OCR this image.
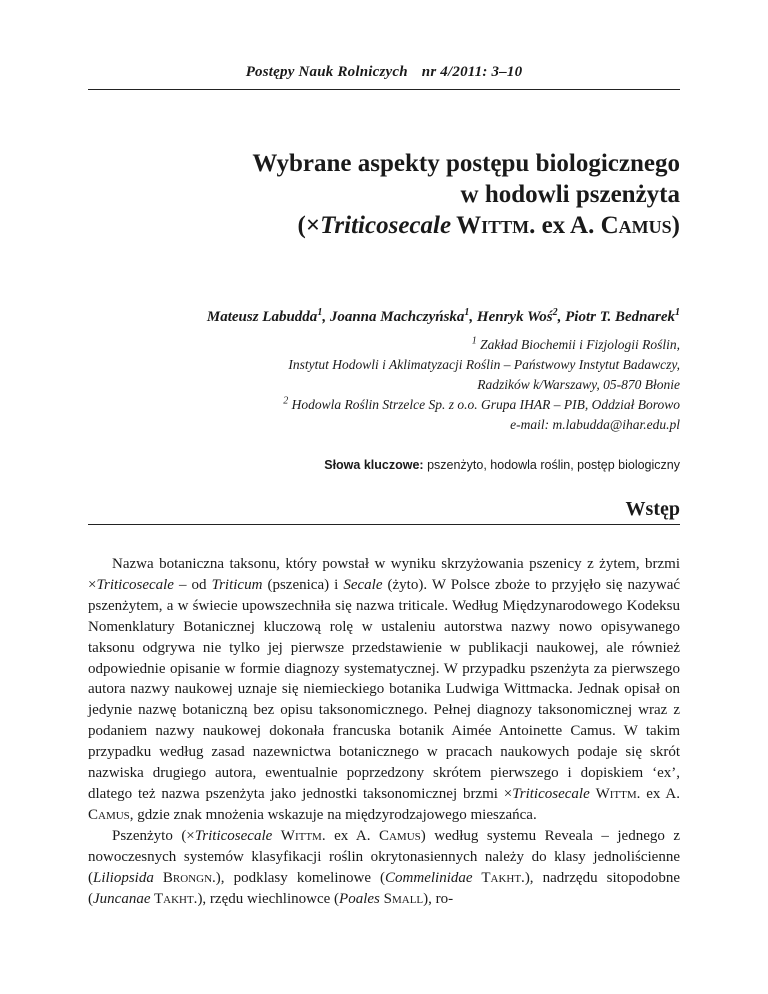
Postępy Nauk Rolniczych nr 4/2011: 3–10
Wybrane aspekty postępu biologicznego
w hodowli pszenżyta
(×Triticosecale Wittm. ex A. Camus)
Mateusz Labudda$^1$, Joanna Machczyńska$^1$, Henryk Woś$^2$, Piotr T. Bednarek$^1$
$^1$ Zakład Biochemii i Fizjologii Roślin,
Instytut Hodowli i Aklimatyzacji Roślin – Państwowy Instytut Badawczy,
Radzików k/Warszawy, 05-870 Błonie
$^2$ Hodowla Roślin Strzelce Sp. z o.o. Grupa IHAR – PIB, Oddział Borowo
e-mail: m.labudda@ihar.edu.pl
Słowa kluczowe: pszenżyto, hodowla roślin, postęp biologiczny
Wstęp

Nazwa botaniczna taksonu, który powstał w wyniku skrzyżowania pszenicy z żytem, brzmi ×Triticosecale – od Triticum (pszenica) i Secale (żyto). W Polsce zboże to przyjęło się nazywać pszenżytem, a w świecie upowszechniła się nazwa triticale. Według Międzynarodowego Kodeksu Nomenklatury Botanicznej kluczową rolę w ustaleniu autorstwa nazwy nowo opisywanego taksonu odgrywa nie tylko jej pierwsze przedstawienie w publikacji naukowej, ale również odpowiednie opisanie w formie diagnozy systematycznej. W przypadku pszenżyta za pierwszego autora nazwy naukowej uznaje się niemieckiego botanika Ludwiga Wittmacka. Jednak opisał on jedynie nazwę botaniczną bez opisu taksonomicznego. Pełnej diagnozy taksonomicznej wraz z podaniem nazwy naukowej dokonała francuska botanik Aimée Antoinette Camus. W takim przypadku według zasad nazewnictwa botanicznego w pracach naukowych podaje się skrót nazwiska drugiego autora, ewentualnie poprzedzony skrótem pierwszego i dopiskiem ‘ex’, dlatego też nazwa pszenżyta jako jednostki taksonomicznej brzmi ×Triticosecale Wittm. ex A. Camus, gdzie znak mnożenia wskazuje na międzyrodzajowego mieszańca.

Pszenżyto (×Triticosecale Wittm. ex A. Camus) według systemu Reveala – jednego z nowoczesnych systemów klasyfikacji roślin okrytonasiennych należy do klasy jednoliścienne (Liliopsida Brongn.), podklasy komelinowe (Commelinidae Takht.), nadrzędu sitopodobne (Juncanae Takht.), rzędu wiechlinowce (Poales Small), ro-
